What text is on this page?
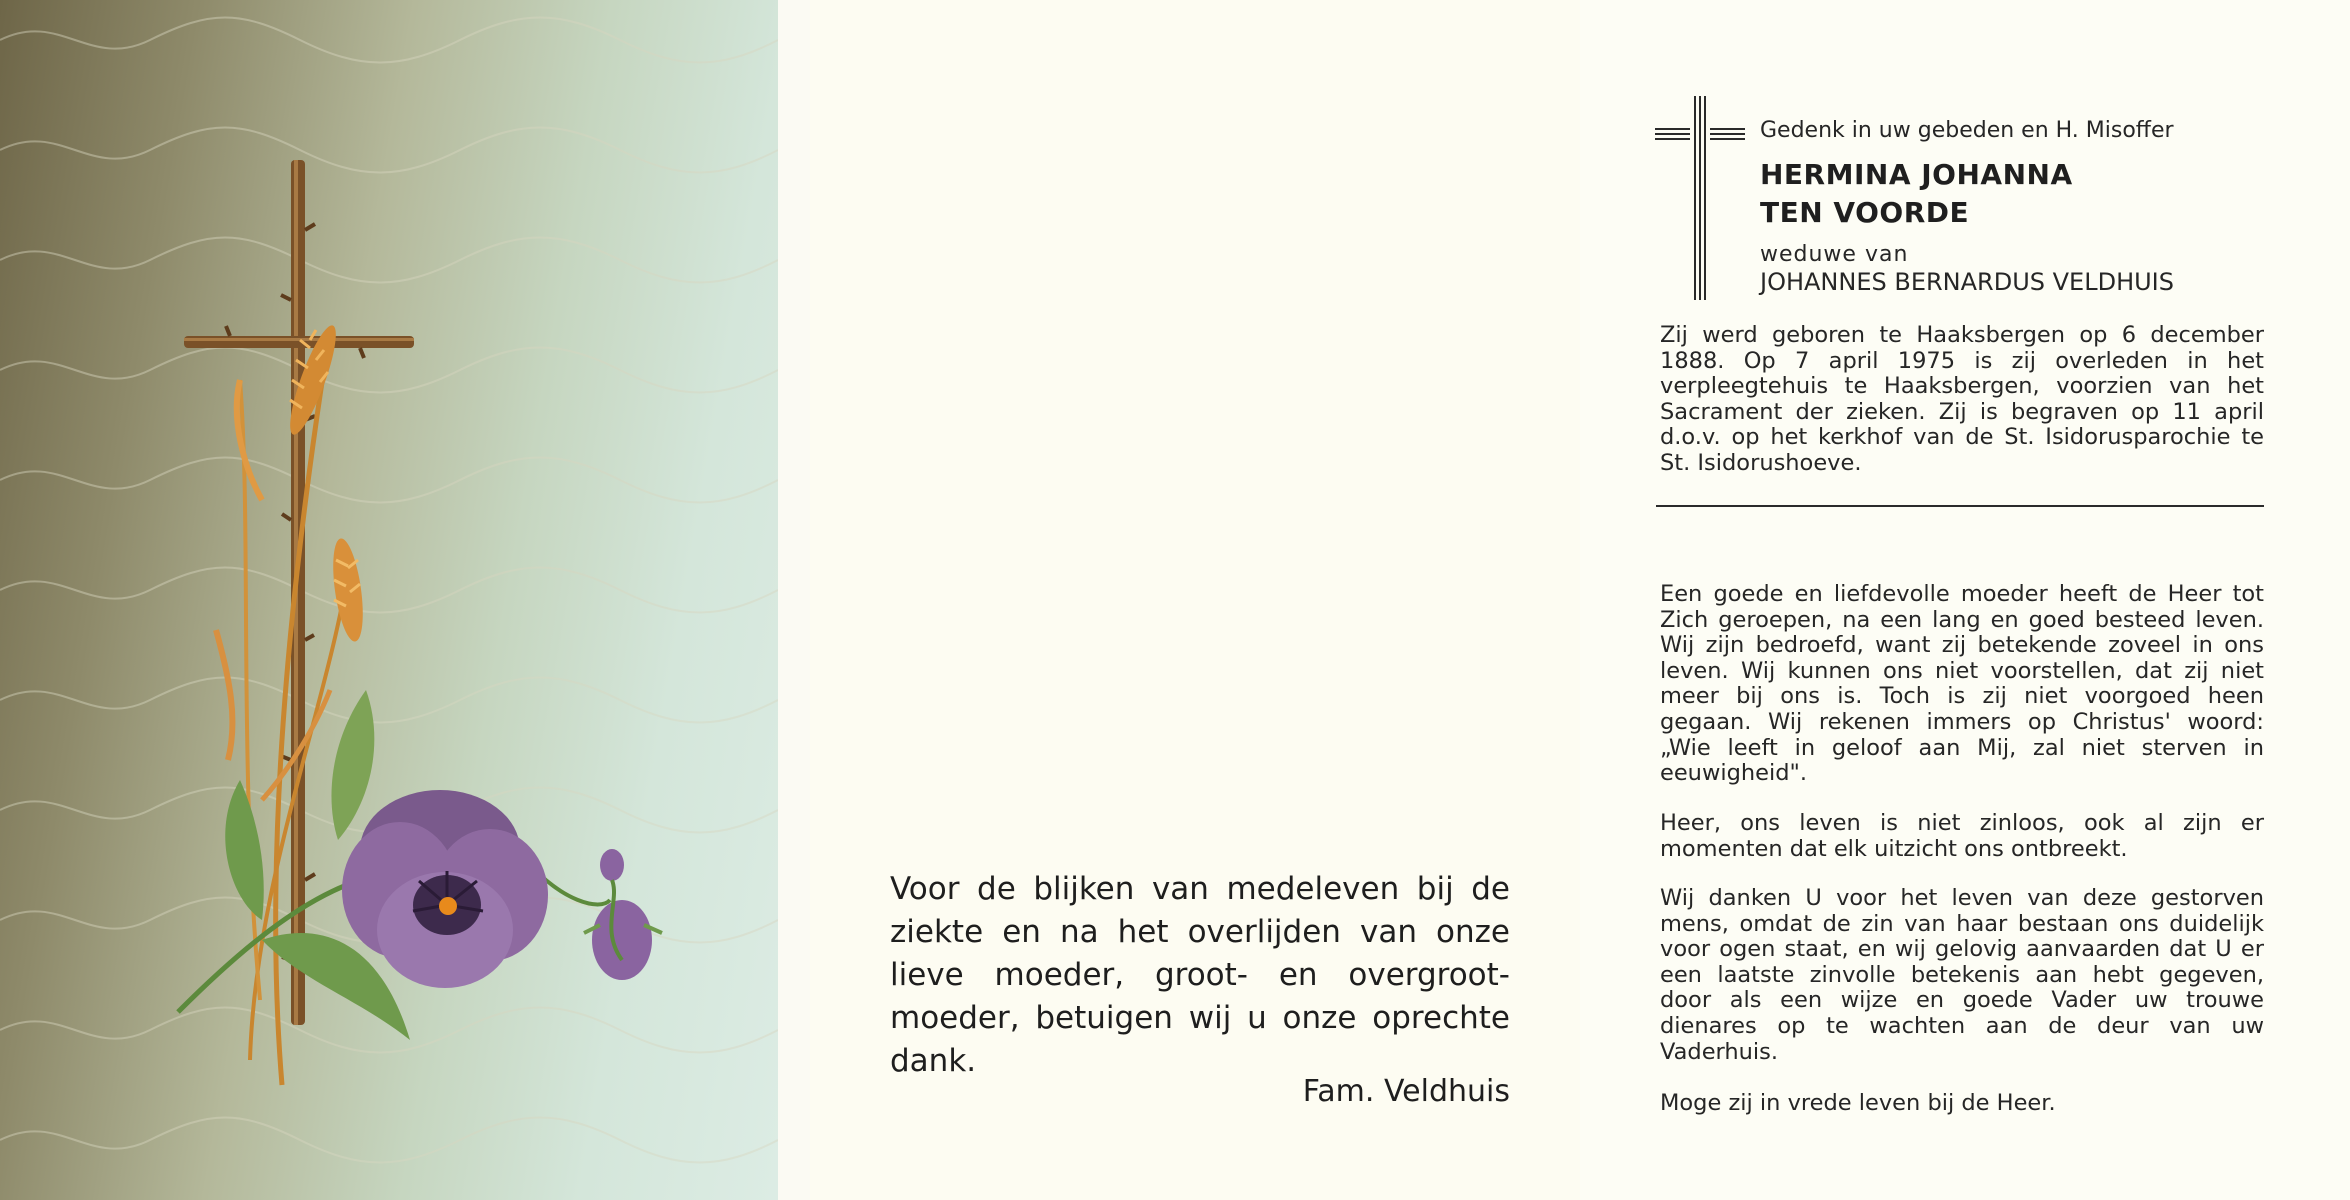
Voor de blijken van medeleven bij de ziekte en na het overlijden van onze lieve moeder, groot- en overgroot-moeder, betuigen wij u onze oprechte dank.

Fam. Veldhuis

Gedenk in uw gebeden en H. Misoffer

HERMINA JOHANNA

TEN VOORDE

weduwe van

JOHANNES BERNARDUS VELDHUIS

Zij werd geboren te Haaksbergen op 6 december 1888. Op 7 april 1975 is zij overleden in het verpleegtehuis te Haaksbergen, voorzien van het Sacrament der zieken. Zij is begraven op 11 april d.o.v. op het kerkhof van de St. Isidorusparochie te St. Isidorushoeve.

Een goede en liefdevolle moeder heeft de Heer tot Zich geroepen, na een lang en goed besteed leven. Wij zijn bedroefd, want zij betekende zoveel in ons leven. Wij kunnen ons niet voorstellen, dat zij niet meer bij ons is. Toch is zij niet voorgoed heen gegaan. Wij rekenen immers op Christus' woord: „Wie leeft in geloof aan Mij, zal niet sterven in eeuwigheid".

Heer, ons leven is niet zinloos, ook al zijn er momenten dat elk uitzicht ons ontbreekt.

Wij danken U voor het leven van deze gestorven mens, omdat de zin van haar bestaan ons duidelijk voor ogen staat, en wij gelovig aanvaarden dat U er een laatste zinvolle betekenis aan hebt gegeven, door als een wijze en goede Vader uw trouwe dienares op te wachten aan de deur van uw Vaderhuis.

Moge zij in vrede leven bij de Heer.
